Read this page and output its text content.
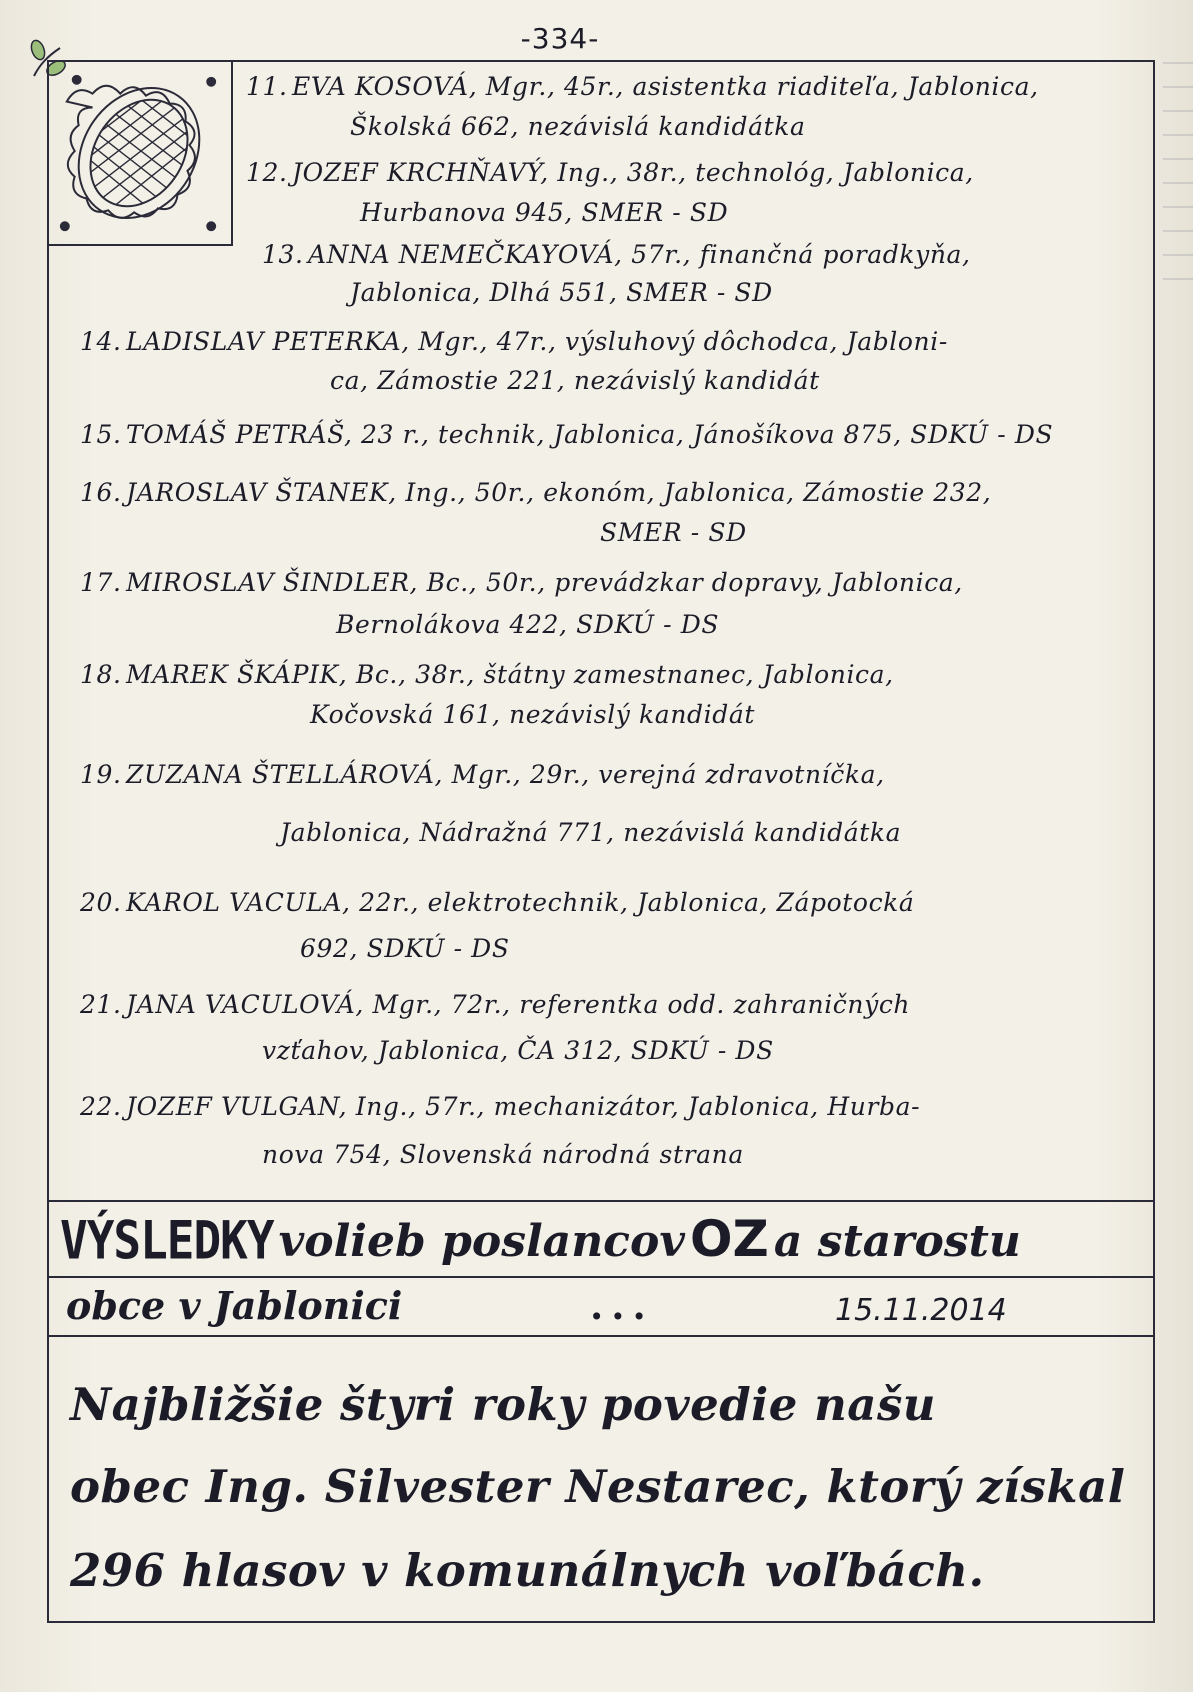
-334-
11. EVA KOSOVÁ, Mgr., 45r., asistentka riaditeľa, Jablonica,
Školská 662, nezávislá kandidátka
12. JOZEF KRCHŇAVÝ, Ing., 38r., technológ, Jablonica,
Hurbanova 945, SMER - SD
13. ANNA NEMEČKAYOVÁ, 57r., finančná poradkyňa,
Jablonica, Dlhá 551, SMER - SD
14. LADISLAV PETERKA, Mgr., 47r., výsluhový dôchodca, Jabloni-
ca, Zámostie 221, nezávislý kandidát
15. TOMÁŠ PETRÁŠ, 23 r., technik, Jablonica, Jánošíkova 875, SDKÚ - DS
16. JAROSLAV ŠTANEK, Ing., 50r., ekonóm, Jablonica, Zámostie 232,
SMER - SD
17. MIROSLAV ŠINDLER, Bc., 50r., prevádzkar dopravy, Jablonica,
Bernolákova 422, SDKÚ - DS
18. MAREK ŠKÁPIK, Bc., 38r., štátny zamestnanec, Jablonica,
Kočovská 161, nezávislý kandidát
19. ZUZANA ŠTELLÁROVÁ, Mgr., 29r., verejná zdravotníčka,
Jablonica, Nádražná 771, nezávislá kandidátka
20. KAROL VACULA, 22r., elektrotechnik, Jablonica, Zápotocká
692, SDKÚ - DS
21. JANA VACULOVÁ, Mgr., 72r., referentka odd. zahraničných
vzťahov, Jablonica, ČA 312, SDKÚ - DS
22. JOZEF VULGAN, Ing., 57r., mechanizátor, Jablonica, Hurba-
nova 754, Slovenská národná strana
VÝSLEDKY volieb poslancov OZ a starostu
obce v Jablonici	...	15.11.2014
Najbližšie štyri roky povedie našu
obec Ing. Silvester Nestarec, ktorý získal
296 hlasov v komunálnych voľbách.
